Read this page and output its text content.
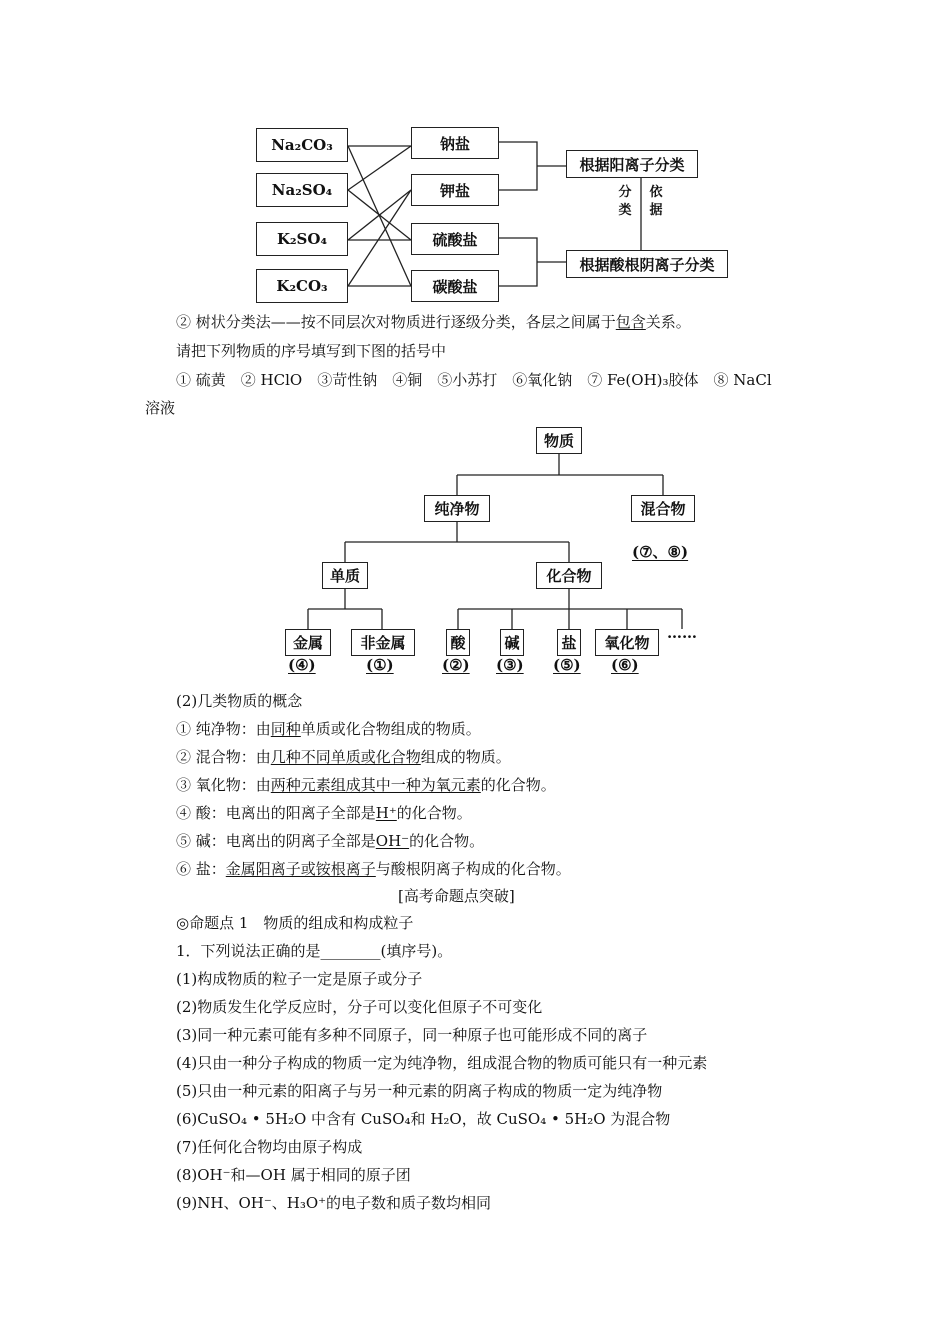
Na₂CO₃
Na₂SO₄
K₂SO₄
K₂CO₃
钠盐
钾盐
硫酸盐
碳酸盐
根据阳离子分类
根据酸根阴离子分类
分
类
依
据
② 树状分类法——按不同层次对物质进行逐级分类，各层之间属于包含关系。
请把下列物质的序号填写到下图的括号中
① 硫黄　② HClO　③苛性钠　④铜　⑤小苏打　⑥氧化钠　⑦ Fe(OH)₃胶体　⑧ NaCl
溶液
物质
纯净物	混合物
(⑦、⑧)
单质	化合物
金属
(④)
非金属
(①)
酸
(②)
碱
(③)
盐
(⑤)
氧化物
(⑥)
……
(2)几类物质的概念
① 纯净物：由同种单质或化合物组成的物质。
② 混合物：由几种不同单质或化合物组成的物质。
③ 氧化物：由两种元素组成其中一种为氧元素的化合物。
④ 酸：电离出的阳离子全部是H⁺的化合物。
⑤ 碱：电离出的阴离子全部是OH⁻的化合物。
⑥ 盐：金属阳离子或铵根离子与酸根阴离子构成的化合物。
[高考命题点突破]
◎命题点 1　物质的组成和构成粒子
1．下列说法正确的是________(填序号)。
(1)构成物质的粒子一定是原子或分子
(2)物质发生化学反应时，分子可以变化但原子不可变化
(3)同一种元素可能有多种不同原子，同一种原子也可能形成不同的离子
(4)只由一种分子构成的物质一定为纯净物，组成混合物的物质可能只有一种元素
(5)只由一种元素的阳离子与另一种元素的阴离子构成的物质一定为纯净物
(6)CuSO₄ • 5H₂O 中含有 CuSO₄和 H₂O，故 CuSO₄ • 5H₂O 为混合物
(7)任何化合物均由原子构成
(8)OH⁻和—OH 属于相同的原子团
(9)NH、OH⁻、H₃O⁺的电子数和质子数均相同
